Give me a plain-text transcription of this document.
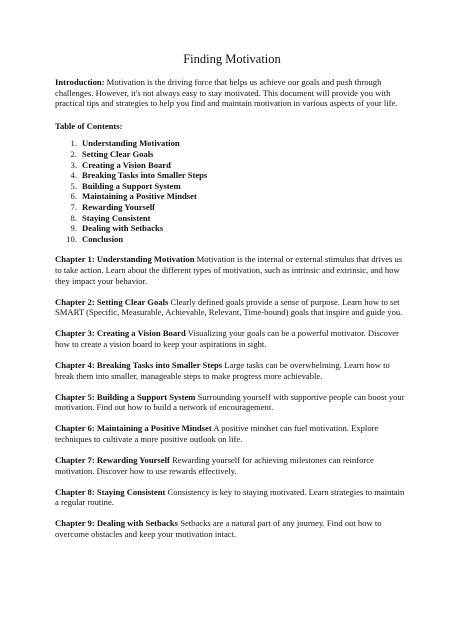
Finding Motivation

Introduction: Motivation is the driving force that helps us achieve our goals and push through challenges. However, it's not always easy to stay motivated. This document will provide you with practical tips and strategies to help you find and maintain motivation in various aspects of your life.

Table of Contents:
1. Understanding Motivation
2. Setting Clear Goals
3. Creating a Vision Board
4. Breaking Tasks into Smaller Steps
5. Building a Support System
6. Maintaining a Positive Mindset
7. Rewarding Yourself
8. Staying Consistent
9. Dealing with Setbacks
10. Conclusion

Chapter 1: Understanding Motivation Motivation is the internal or external stimulus that drives us to take action. Learn about the different types of motivation, such as intrinsic and extrinsic, and how they impact your behavior.

Chapter 2: Setting Clear Goals Clearly defined goals provide a sense of purpose. Learn how to set SMART (Specific, Measurable, Achievable, Relevant, Time-bound) goals that inspire and guide you.

Chapter 3: Creating a Vision Board Visualizing your goals can be a powerful motivator. Discover how to create a vision board to keep your aspirations in sight.

Chapter 4: Breaking Tasks into Smaller Steps Large tasks can be overwhelming. Learn how to break them into smaller, manageable steps to make progress more achievable.

Chapter 5: Building a Support System Surrounding yourself with supportive people can boost your motivation. Find out how to build a network of encouragement.

Chapter 6: Maintaining a Positive Mindset A positive mindset can fuel motivation. Explore techniques to cultivate a more positive outlook on life.

Chapter 7: Rewarding Yourself Rewarding yourself for achieving milestones can reinforce motivation. Discover how to use rewards effectively.

Chapter 8: Staying Consistent Consistency is key to staying motivated. Learn strategies to maintain a regular routine.

Chapter 9: Dealing with Setbacks Setbacks are a natural part of any journey. Find out how to overcome obstacles and keep your motivation intact.
